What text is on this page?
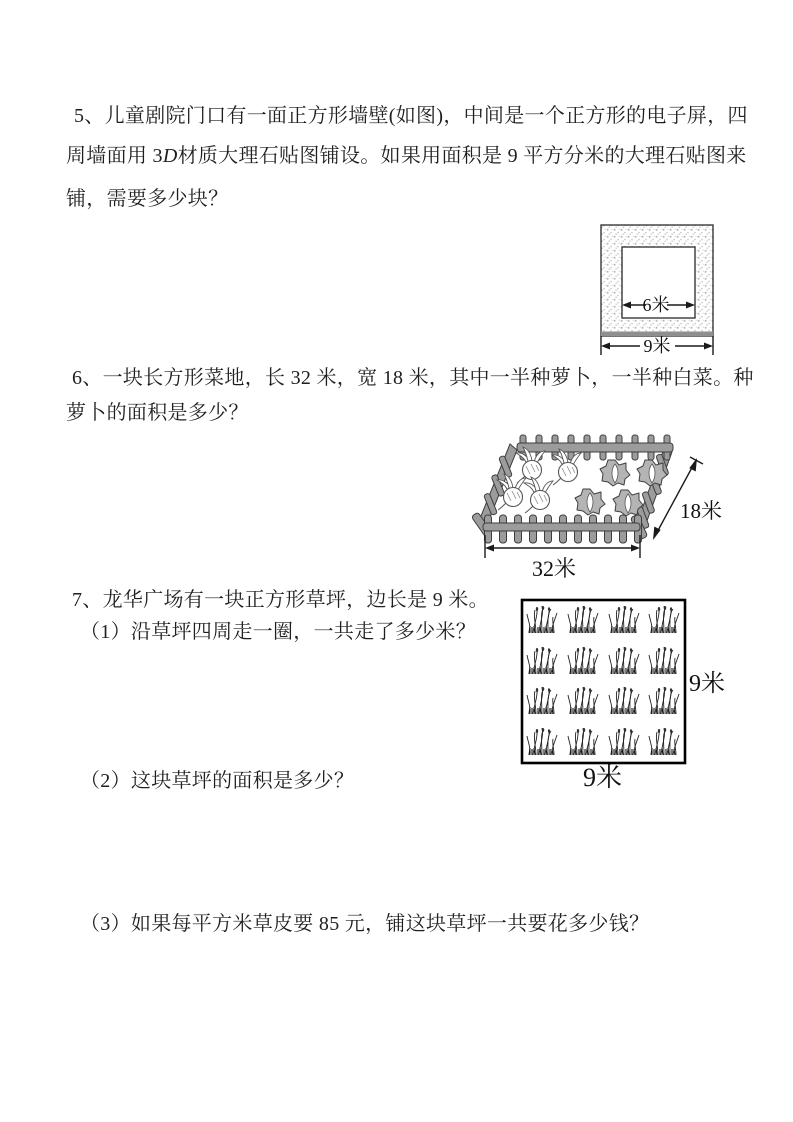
5、儿童剧院门口有一面正方形墙壁(如图)，中间是一个正方形的电子屏，四
周墙面用 3D材质大理石贴图铺设。如果用面积是 9 平方分米的大理石贴图来
铺，需要多少块？
6米
9米
6、一块长方形菜地，长 32 米，宽 18 米，其中一半种萝卜，一半种白菜。种
萝卜的面积是多少？
32米
18米
7、龙华广场有一块正方形草坪，边长是 9 米。
（1）沿草坪四周走一圈，一共走了多少米？
（2）这块草坪的面积是多少？
（3）如果每平方米草皮要 85 元，铺这块草坪一共要花多少钱？
9米
9米
